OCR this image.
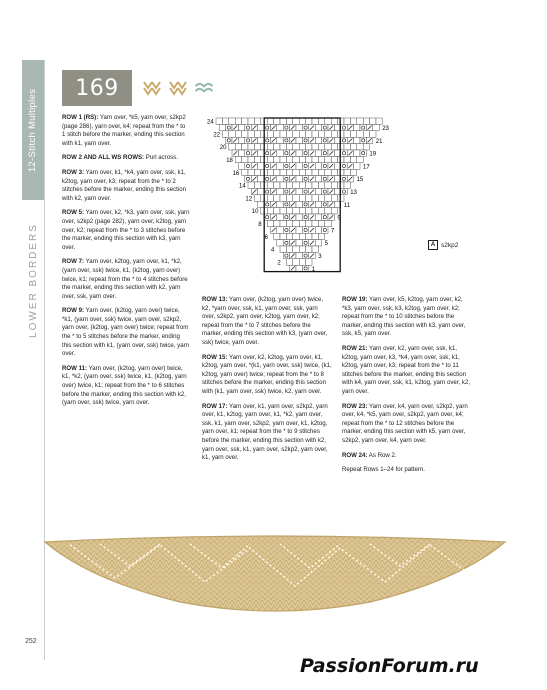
12-Stitch Multiples
LOWER BORDERS
169

ROW 1 (RS): Yarn over, *k5, yarn over, s2kp2 (page 286), yarn over, k4; repeat from the * to 1 stitch before the marker, ending this section with k1, yarn over.

ROW 2 AND ALL WS ROWS: Purl across.

ROW 3: Yarn over, k1, *k4, yarn over, ssk, k1, k2tog, yarn over, k3; repeat from the * to 2 stitches before the marker, ending this section with k2, yarn over.

ROW 5: Yarn over, k2, *k3, yarn over, ssk, yarn over, s2kp2 (page 282), yarn over, k2tog, yarn over, k2; repeat from the * to 3 stitches before the marker, ending this section with k3, yarn over.

ROW 7: Yarn over, k2tog, yarn over, k1, *k2, (yarn over, ssk) twice, k1, (k2tog, yarn over) twice, k1; repeat from the * to 4 stitches before the marker, ending this section with k2, yarn over, ssk, yarn over.

ROW 9: Yarn over, (k2tog, yarn over) twice, *k1, (yarn over, ssk) twice, yarn over, s2kp2, yarn over, (k2tog, yarn over) twice; repeat from the * to 5 stitches before the marker, ending this section with k1, (yarn over, ssk) twice, yarn over.

ROW 11: Yarn over, (k2tog, yarn over) twice, k1, *k2, (yarn over, ssk) twice, k1, (k2tog, yarn over) twice, k1; repeat from the * to 6 stitches before the marker, ending this section with k2, (yarn over, ssk) twice, yarn over.

ROW 13: Yarn over, (k2tog, yarn over) twice, k2, *yarn over, ssk, k1, yarn over, ssk, yarn over, s2kp2, yarn over, k2tog, yarn over, k2; repeat from the * to 7 stitches before the marker, ending this section with k3, (yarn over, ssk) twice, yarn over.

ROW 15: Yarn over, k2, k2tog, yarn over, k1, k2tog, yarn over, *(k1, yarn over, ssk) twice, (k1, k2tog, yarn over) twice; repeat from the * to 8 stitches before the marker, ending this section with (k1, yarn over, ssk) twice, k2, yarn over.

ROW 17: Yarn over, k1, yarn over, s2kp2, yarn over, k1, k2tog, yarn over, k1, *k2, yarn over, ssk, k1, yarn over, s2kp2, yarn over, k1, k2tog, yarn over, k1; repeat from the * to 9 stitches before the marker, ending this section with k2, yarn over, ssk, k1, yarn over, s2kp2, yarn over, k1, yarn over.

ROW 19: Yarn over, k5, k2tog, yarn over, k2, *k3, yarn over, ssk, k3, k2tog, yarn over, k2; repeat from the * to 10 stitches before the marker, ending this section with k3, yarn over, ssk, k5, yarn over.

ROW 21: Yarn over, k2, yarn over, ssk, k1, k2tog, yarn over, k3, *k4, yarn over, ssk, k1, k2tog, yarn over, k3; repeat from the * to 11 stitches before the marker, ending this section with k4, yarn over, ssk, k1, k2tog, yarn over, k2, yarn over.

ROW 23: Yarn over, k4, yarn over, s2kp2, yarn over, k4, *k5, yarn over, s2kp2, yarn over, k4; repeat from the * to 12 stitches before the marker, ending this section with k5, yarn over, s2kp2, yarn over, k4, yarn over.

ROW 24: As Row 2.

Repeat Rows 1–24 for pattern.

24
23
22
21
20
19
18
17
16
15
14
13
12
11
10
9
8
7
6
5
4
3
2
1
A s2kp2
252
PassionForum.ru
